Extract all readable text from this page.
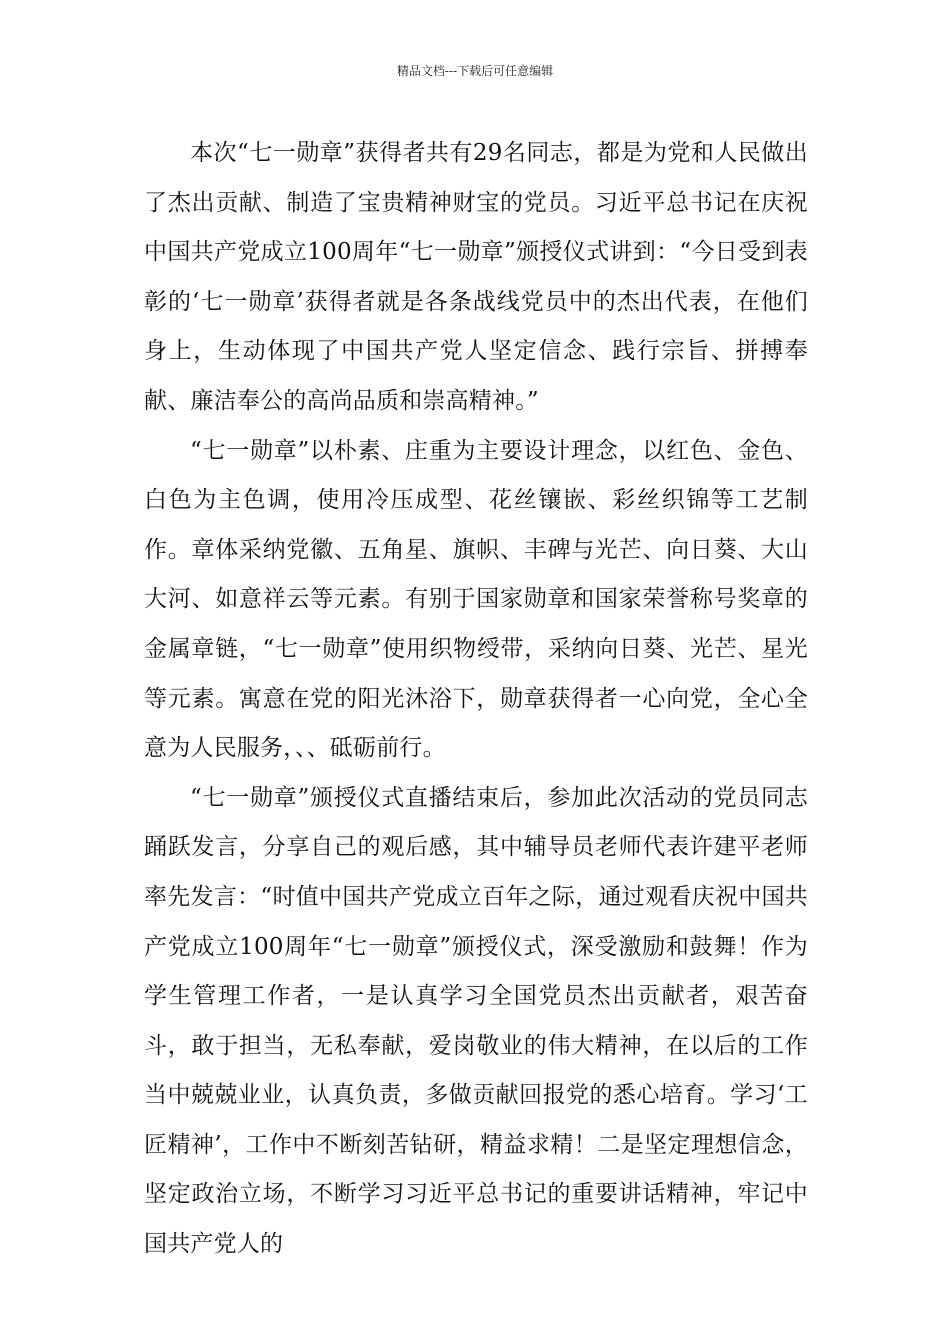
精品文档---下载后可任意编辑

本次“七一勋章”获得者共有29名同志，都是为党和人民做出了杰出贡献、制造了宝贵精神财宝的党员。习近平总书记在庆祝中国共产党成立100周年“七一勋章”颁授仪式讲到：“今日受到表彰的‘七一勋章’获得者就是各条战线党员中的杰出代表，在他们身上，生动体现了中国共产党人坚定信念、践行宗旨、拼搏奉献、廉洁奉公的高尚品质和崇高精神。”

“七一勋章”以朴素、庄重为主要设计理念，以红色、金色、白色为主色调，使用冷压成型、花丝镶嵌、彩丝织锦等工艺制作。章体采纳党徽、五角星、旗帜、丰碑与光芒、向日葵、大山大河、如意祥云等元素。有别于国家勋章和国家荣誉称号奖章的金属章链，“七一勋章”使用织物绶带，采纳向日葵、光芒、星光等元素。寓意在党的阳光沐浴下，勋章获得者一心向党，全心全意为人民服务，、、砥砺前行。

“七一勋章”颁授仪式直播结束后，参加此次活动的党员同志踊跃发言，分享自己的观后感，其中辅导员老师代表许建平老师率先发言：“时值中国共产党成立百年之际，通过观看庆祝中国共产党成立100周年“七一勋章”颁授仪式，深受激励和鼓舞！作为学生管理工作者，一是认真学习全国党员杰出贡献者，艰苦奋斗，敢于担当，无私奉献，爱岗敬业的伟大精神，在以后的工作当中兢兢业业，认真负责，多做贡献回报党的悉心培育。学习‘工匠精神’，工作中不断刻苦钻研，精益求精！二是坚定理想信念，坚定政治立场，不断学习习近平总书记的重要讲话精神，牢记中国共产党人的
